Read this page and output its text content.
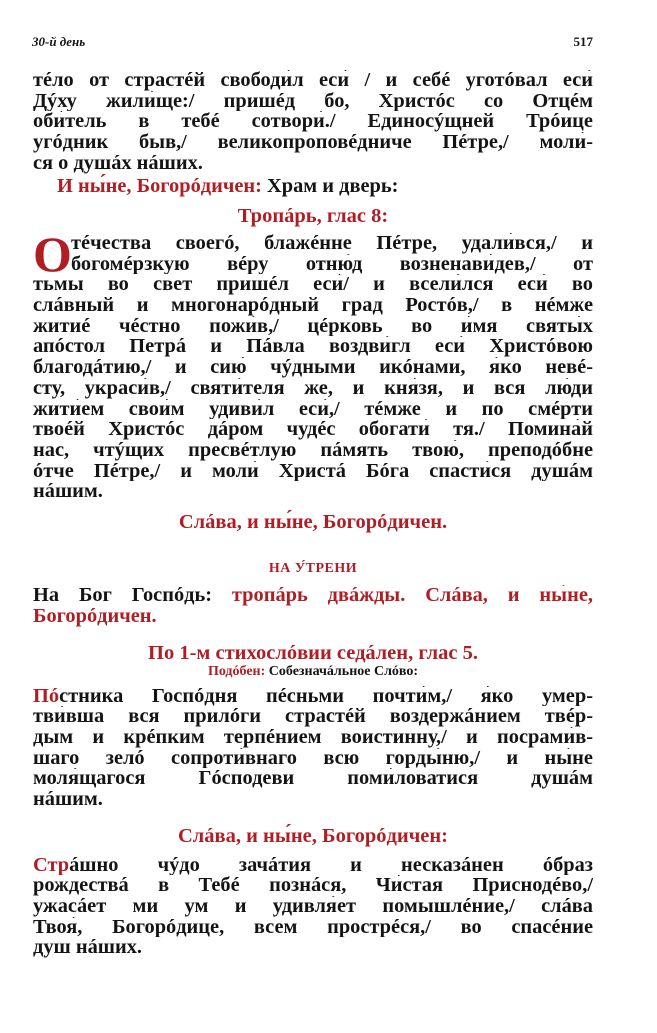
30-й день	517
тéло от страстéй свободи́л еси́ / и себé уготóвал еси́
Дýху жили́ще:/ пришéд бо, Христóс со Отцéм
оби́тель в тебé сотвори́./ Единосýщней Трóице
угóдник быв,/ великопроповéдниче Пéтре,/ моли́-
ся о душáх нáших.
И ны́не, Богорóдичен: Храм и дверь:
Тропáрь, глас 8:
О тéчества своегó, блажéнне Пéтре, удали́вся,/ и
богомéрзкую вéру отню́д возненави́дев,/ от
тьмы во свет пришéл еси́/ и всели́лся еси́ во
слáвный и многонарóдный град Ростóв,/ в нéмже
житиé чéстно пожи́в,/ цéрковь во и́мя святы́х
апóстол Петрá и Пáвла воздви́гл еси́ Христóвою
благодáтию,/ и сию́ чýдными икóнами, я́ко невé-
сту, украси́в,/ святи́теля же, и кня́зя, и вся лю́ди
жити́ем свои́м удиви́л еси́,/ тéмже и по смéрти
твоéй Христóс дáром чудéс обогати́ тя./ Помина́й
нас, чтýщих пресвéтлую пáмять твою́, преподóбне
óтче Пéтре,/ и моли́ Христá Бóга спасти́ся душáм
нáшим.
Слáва, и ны́не, Богорóдичен.
НА У́ТРЕНИ
На Бог Госпóдь: тропáрь двáжды. Слáва, и ны́не,
Богорóдичен.
По 1-м стихослóвии седáлен, глас 5.
Подóбен: Собезначáльное Слóво:
Пóстника Госпóдня пéсньми почти́м,/ я́ко умер-
тви́вша вся прилóги страстéй воздержáнием твéр-
дым и крéпким терпéнием воистинну,/ и посрами́в-
шаго зелó сопроти́внаго всю горды́ню,/ и ны́не
моля́щагося Гóсподеви поми́ловатися душáм
нáшим.
Слáва, и ны́не, Богорóдичен:
Стрáшно чýдо зачáтия и несказáнен óбраз
рождествá в Тебé познáся, Чи́стая Приснодéво,/
ужасáет ми ум и удивля́ет помышлéние,/ слáва
Твоя́, Богорóдице, всем прострéся,/ во спасéние
душ нáших.
